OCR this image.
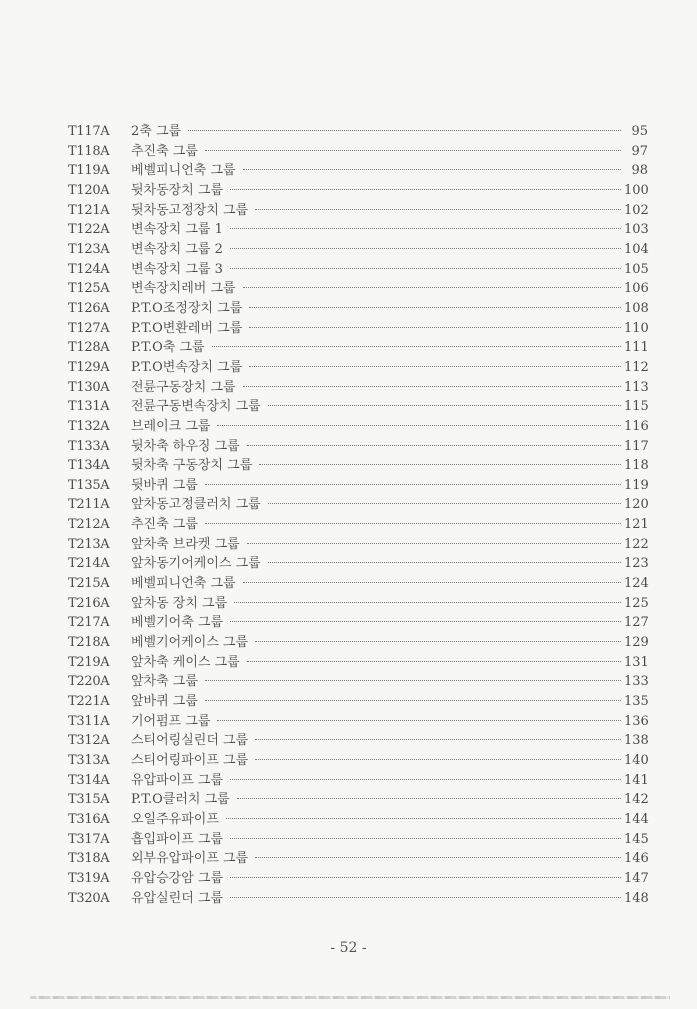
T117A	2축 그룹	95
T118A	추진축 그룹	97
T119A	베벨피니언축 그룹	98
T120A	뒷차동장치 그룹	100
T121A	뒷차동고정장치 그룹	102
T122A	변속장치 그룹 1	103
T123A	변속장치 그룹 2	104
T124A	변속장치 그룹 3	105
T125A	변속장치레버 그룹	106
T126A	P.T.O조정장치 그룹	108
T127A	P.T.O변환레버 그룹	110
T128A	P.T.O축 그룹	111
T129A	P.T.O변속장치 그룹	112
T130A	전륜구동장치 그룹	113
T131A	전륜구동변속장치 그룹	115
T132A	브레이크 그룹	116
T133A	뒷차축 하우징 그룹	117
T134A	뒷차축 구동장치 그룹	118
T135A	뒷바퀴 그룹	119
T211A	앞차동고정클러치 그룹	120
T212A	추진축 그룹	121
T213A	앞차축 브라켓 그룹	122
T214A	앞차동기어케이스 그룹	123
T215A	베벨피니언축 그룹	124
T216A	앞차동 장치 그룹	125
T217A	베벨기어축 그룹	127
T218A	베벨기어케이스 그룹	129
T219A	앞차축 케이스 그룹	131
T220A	앞차축 그룹	133
T221A	앞바퀴 그룹	135
T311A	기어펌프 그룹	136
T312A	스티어링실린더 그룹	138
T313A	스티어링파이프 그룹	140
T314A	유압파이프 그룹	141
T315A	P.T.O클러치 그룹	142
T316A	오일주유파이프	144
T317A	흡입파이프 그룹	145
T318A	외부유압파이프 그룹	146
T319A	유압승강암 그룹	147
T320A	유압실린더 그룹	148
- 52 -
